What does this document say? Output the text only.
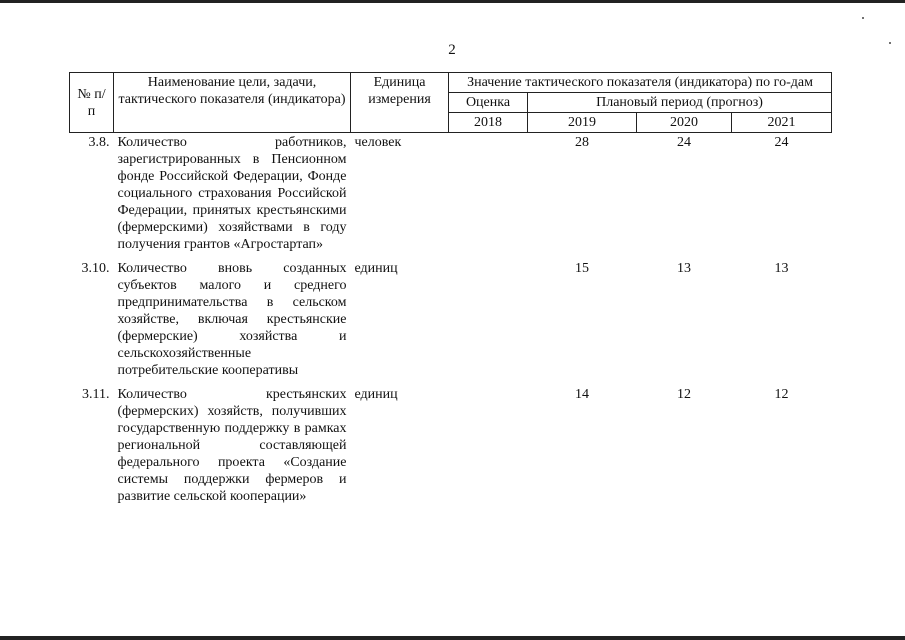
2
№ п/п	Наименование цели, задачи, тактического показателя (индикатора)	Единица измерения	Значение тактического показателя (индикатора) по го-дам			
			Оценка	Плановый период (прогноз)		
			2018	2019	2020	2021
3.8.	Количество работников, зарегистрированных в Пенсионном фонде Российской Федерации, Фонде социального страхования Российской Федерации, принятых крестьянскими (фермерскими) хозяйствами в году получения грантов «Агростартап»	человек		28	24	24
3.10.	Количество вновь созданных субъектов малого и среднего предпринимательства в сельском хозяйстве, включая крестьянские (фермерские) хозяйства и сельскохозяйственные потребительские кооперативы	единиц		15	13	13
3.11.	Количество крестьянских (фермерских) хозяйств, получивших государственную поддержку в рамках региональной составляющей федерального проекта «Создание системы поддержки фермеров и развитие сельской кооперации»	единиц		14	12	12
